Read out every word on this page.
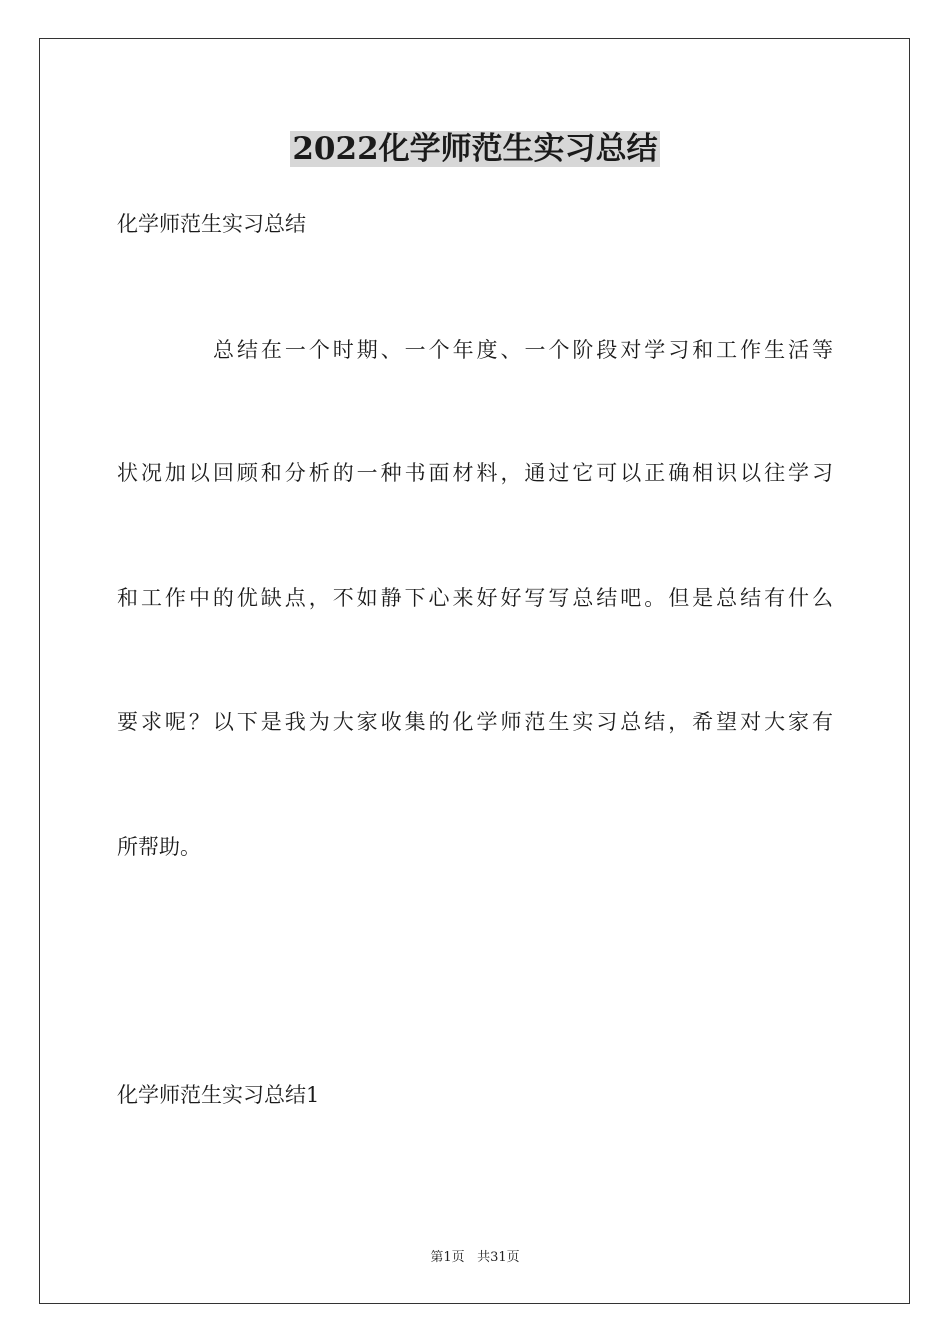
2022化学师范生实习总结

化学师范生实习总结

总结在一个时期、一个年度、一个阶段对学习和工作生活等

状况加以回顾和分析的一种书面材料，通过它可以正确相识以往学习

和工作中的优缺点，不如静下心来好好写写总结吧。但是总结有什么

要求呢？以下是我为大家收集的化学师范生实习总结，希望对大家有

所帮助。

化学师范生实习总结1

第1页 共31页
